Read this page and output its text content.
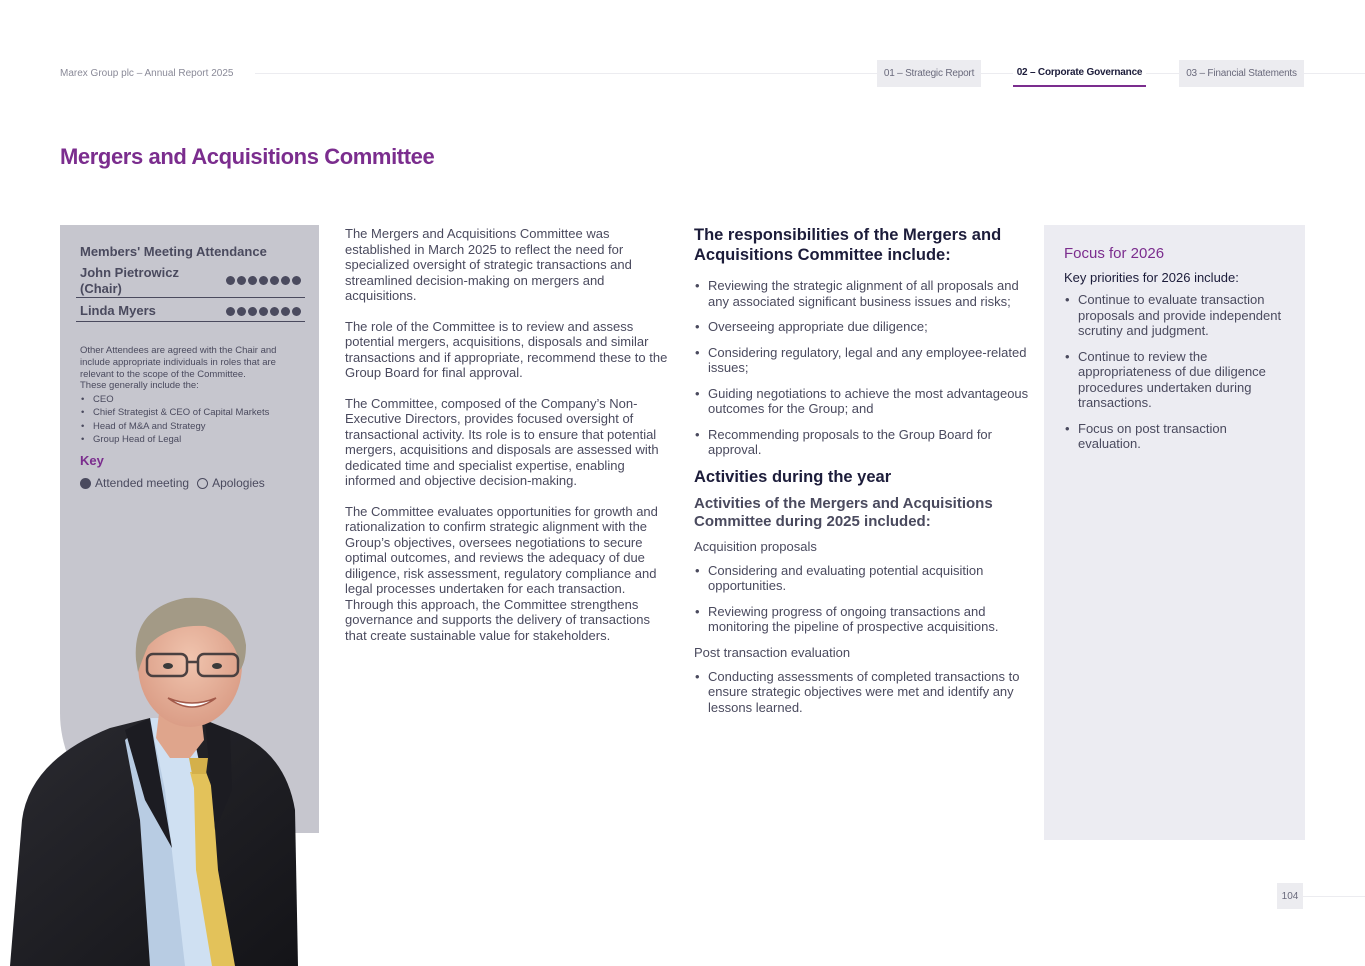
Marex Group plc – Annual Report 2025	01 – Strategic Report	02 – Corporate Governance	03 – Financial Statements
Mergers and Acquisitions Committee
Members' Meeting Attendance
John Pietrowicz (Chair)
Linda Myers
Other Attendees are agreed with the Chair and include appropriate individuals in roles that are relevant to the scope of the Committee.
These generally include the:
• CEO
• Chief Strategist & CEO of Capital Markets
• Head of M&A and Strategy
• Group Head of Legal
Key
Attended meeting Apologies

The Mergers and Acquisitions Committee was established in March 2025 to reflect the need for specialized oversight of strategic transactions and streamlined decision-making on mergers and acquisitions.

The role of the Committee is to review and assess potential mergers, acquisitions, disposals and similar transactions and if appropriate, recommend these to the Group Board for final approval.

The Committee, composed of the Company’s Non-Executive Directors, provides focused oversight of transactional activity. Its role is to ensure that potential mergers, acquisitions and disposals are assessed with dedicated time and specialist expertise, enabling informed and objective decision-making.

The Committee evaluates opportunities for growth and rationalization to confirm strategic alignment with the Group’s objectives, oversees negotiations to secure optimal outcomes, and reviews the adequacy of due diligence, risk assessment, regulatory compliance and legal processes undertaken for each transaction. Through this approach, the Committee strengthens governance and supports the delivery of transactions that create sustainable value for stakeholders.

The responsibilities of the Mergers and Acquisitions Committee include:
• Reviewing the strategic alignment of all proposals and any associated significant business issues and risks;
• Overseeing appropriate due diligence;
• Considering regulatory, legal and any employee-related issues;
• Guiding negotiations to achieve the most advantageous outcomes for the Group; and
• Recommending proposals to the Group Board for approval.
Activities during the year
Activities of the Mergers and Acquisitions Committee during 2025 included:
Acquisition proposals
• Considering and evaluating potential acquisition opportunities.
• Reviewing progress of ongoing transactions and monitoring the pipeline of prospective acquisitions.
Post transaction evaluation
• Conducting assessments of completed transactions to ensure strategic objectives were met and identify any lessons learned.
Focus for 2026
Key priorities for 2026 include:
• Continue to evaluate transaction proposals and provide independent scrutiny and judgment.
• Continue to review the appropriateness of due diligence procedures undertaken during transactions.
• Focus on post transaction evaluation.
104
